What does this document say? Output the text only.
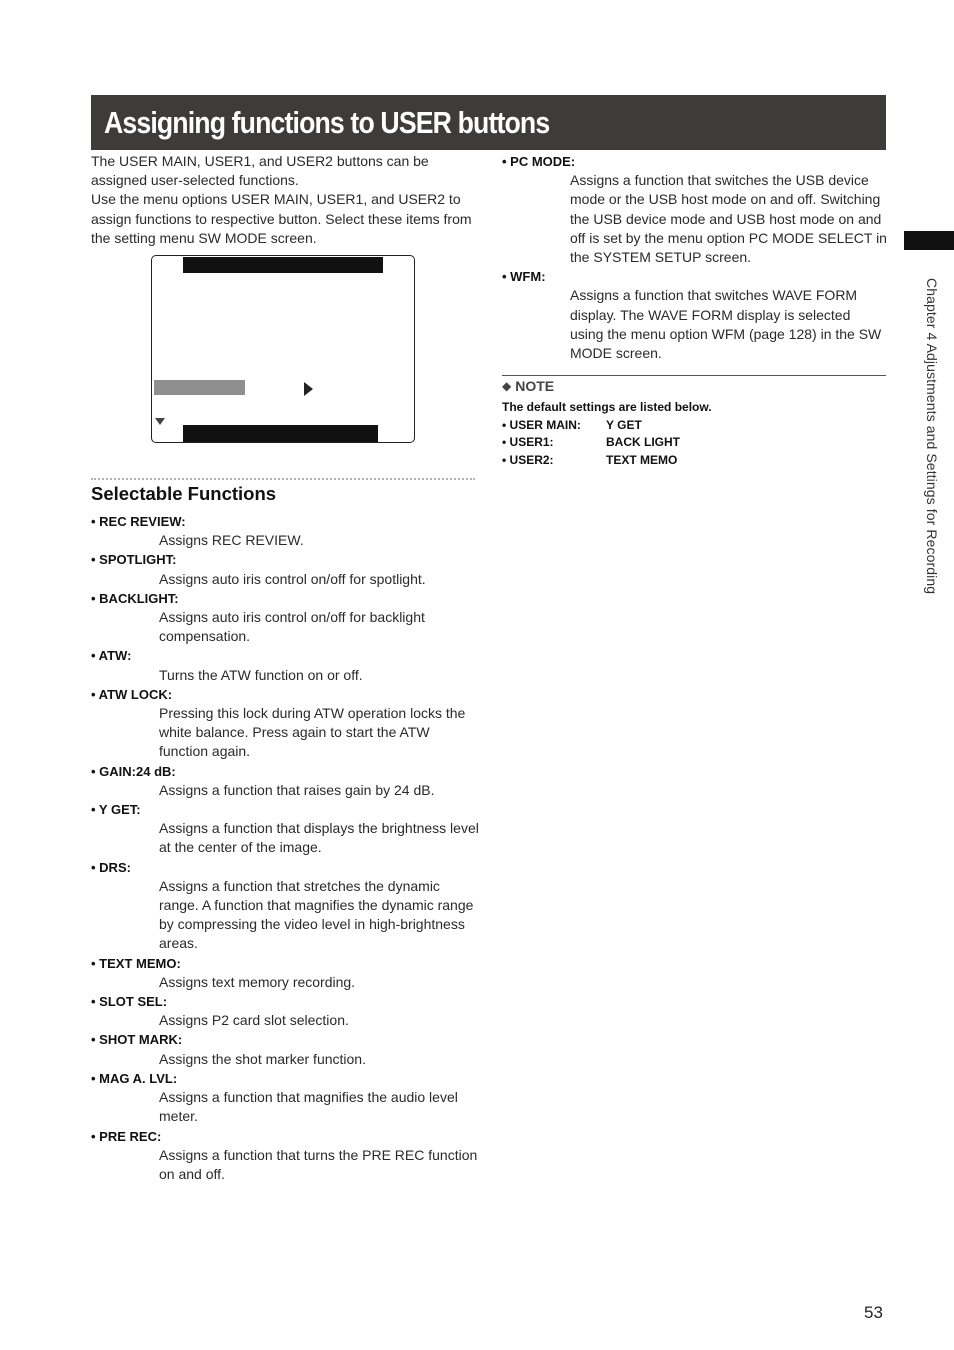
Assigning functions to USER buttons

The USER MAIN, USER1, and USER2 buttons can be assigned user-selected functions.

Use the menu options USER MAIN, USER1, and USER2 to assign functions to respective button. Select these items from the setting menu SW MODE screen.

Selectable Functions
• REC REVIEW:
Assigns REC REVIEW.
• SPOTLIGHT:
Assigns auto iris control on/off for spotlight.
• BACKLIGHT:
Assigns auto iris control on/off for backlight compensation.
• ATW:
Turns the ATW function on or off.
• ATW LOCK:
Pressing this lock during ATW operation locks the white balance. Press again to start the ATW function again.
• GAIN:24 dB:
Assigns a function that raises gain by 24 dB.
• Y GET:
Assigns a function that displays the brightness level at the center of the image.
• DRS:
Assigns a function that stretches the dynamic range. A function that magnifies the dynamic range by compressing the video level in high-brightness areas.
• TEXT MEMO:
Assigns text memory recording.
• SLOT SEL:
Assigns P2 card slot selection.
• SHOT MARK:
Assigns the shot marker function.
• MAG A. LVL:
Assigns a function that magnifies the audio level meter.
• PRE REC:
Assigns a function that turns the PRE REC function on and off.
• PC MODE:
Assigns a function that switches the USB device mode or the USB host mode on and off. Switching the USB device mode and USB host mode on and off is set by the menu option PC MODE SELECT in the SYSTEM SETUP screen.
• WFM:
Assigns a function that switches WAVE FORM display. The WAVE FORM display is selected using the menu option WFM (page 128) in the SW MODE screen.
◆ NOTE
The default settings are listed below.
• USER MAIN:	Y GET
• USER1:	BACK LIGHT
• USER2:	TEXT MEMO	Chapter 4 Adjustments and Settings for Recording
53
